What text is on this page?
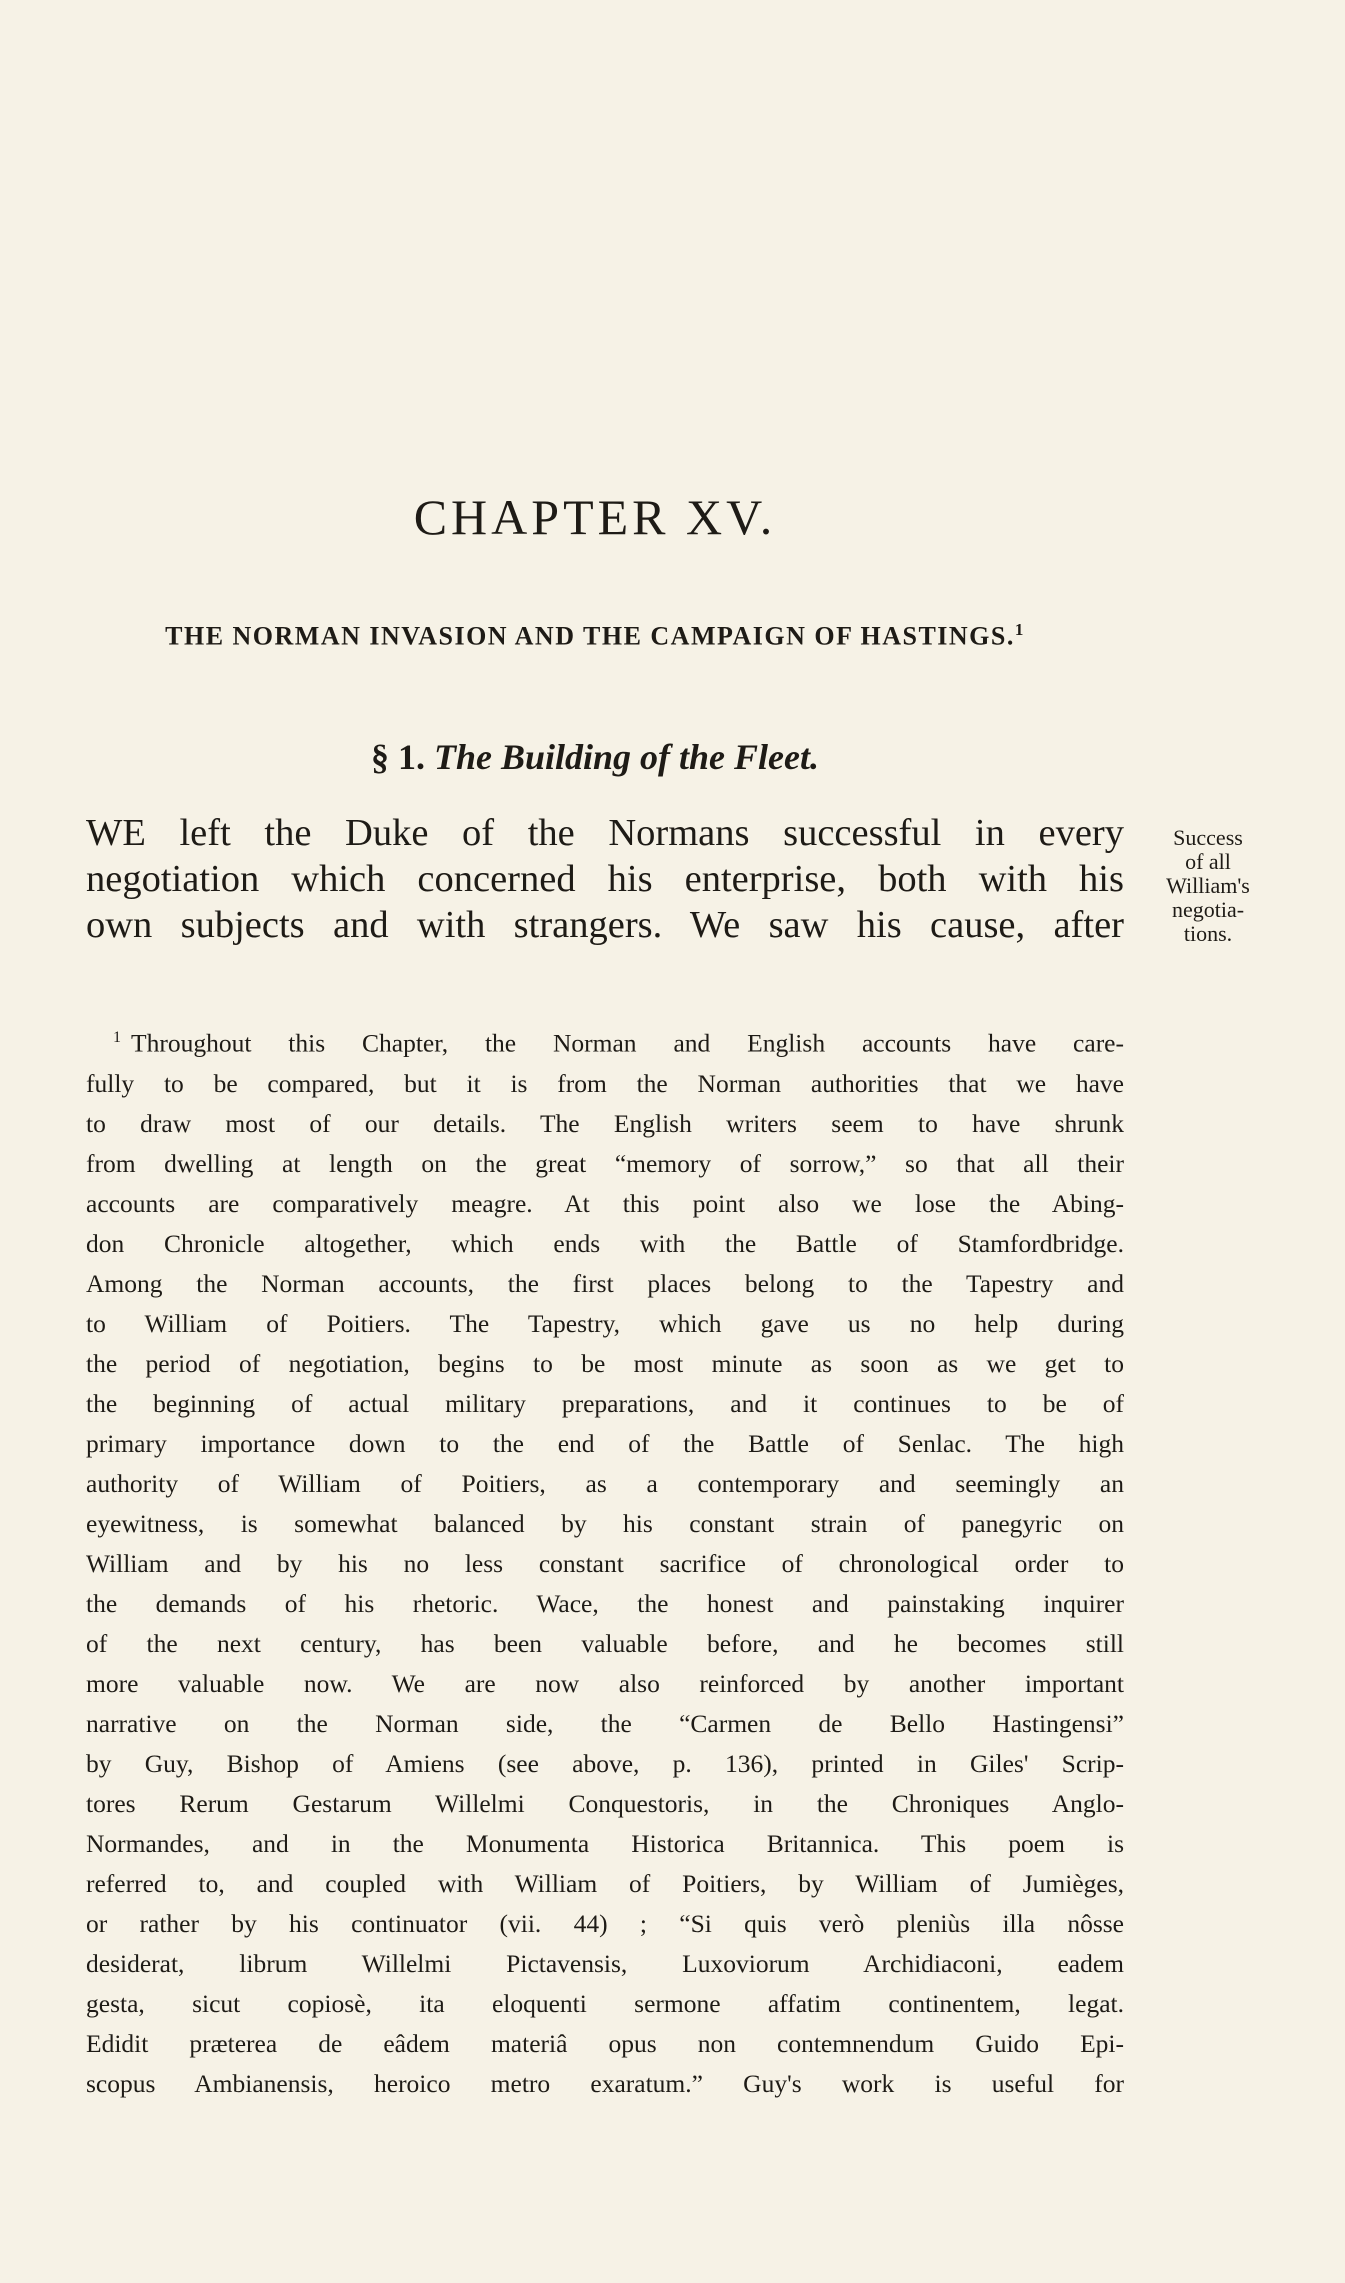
CHAPTER XV.
THE NORMAN INVASION AND THE CAMPAIGN OF HASTINGS.$^1$
§ 1. The Building of the Fleet.
WE left the Duke of the Normans successful in every
negotiation which concerned his enterprise, both with his
own subjects and with strangers. We saw his cause, after
Success
of all
William's
negotia-
tions.
$^1$ Throughout this Chapter, the Norman and English accounts have care-
fully to be compared, but it is from the Norman authorities that we have
to draw most of our details. The English writers seem to have shrunk
from dwelling at length on the great “memory of sorrow,” so that all their
accounts are comparatively meagre. At this point also we lose the Abing-
don Chronicle altogether, which ends with the Battle of Stamfordbridge.
Among the Norman accounts, the first places belong to the Tapestry and
to William of Poitiers. The Tapestry, which gave us no help during
the period of negotiation, begins to be most minute as soon as we get to
the beginning of actual military preparations, and it continues to be of
primary importance down to the end of the Battle of Senlac. The high
authority of William of Poitiers, as a contemporary and seemingly an
eyewitness, is somewhat balanced by his constant strain of panegyric on
William and by his no less constant sacrifice of chronological order to
the demands of his rhetoric. Wace, the honest and painstaking inquirer
of the next century, has been valuable before, and he becomes still
more valuable now. We are now also reinforced by another important
narrative on the Norman side, the “Carmen de Bello Hastingensi”
by Guy, Bishop of Amiens (see above, p. 136), printed in Giles' Scrip-
tores Rerum Gestarum Willelmi Conquestoris, in the Chroniques Anglo-
Normandes, and in the Monumenta Historica Britannica. This poem is
referred to, and coupled with William of Poitiers, by William of Jumièges,
or rather by his continuator (vii. 44) ; “Si quis verò pleniùs illa nôsse
desiderat, librum Willelmi Pictavensis, Luxoviorum Archidiaconi, eadem
gesta, sicut copiosè, ita eloquenti sermone affatim continentem, legat.
Edidit præterea de eâdem materiâ opus non contemnendum Guido Epi-
scopus Ambianensis, heroico metro exaratum.” Guy's work is useful for
